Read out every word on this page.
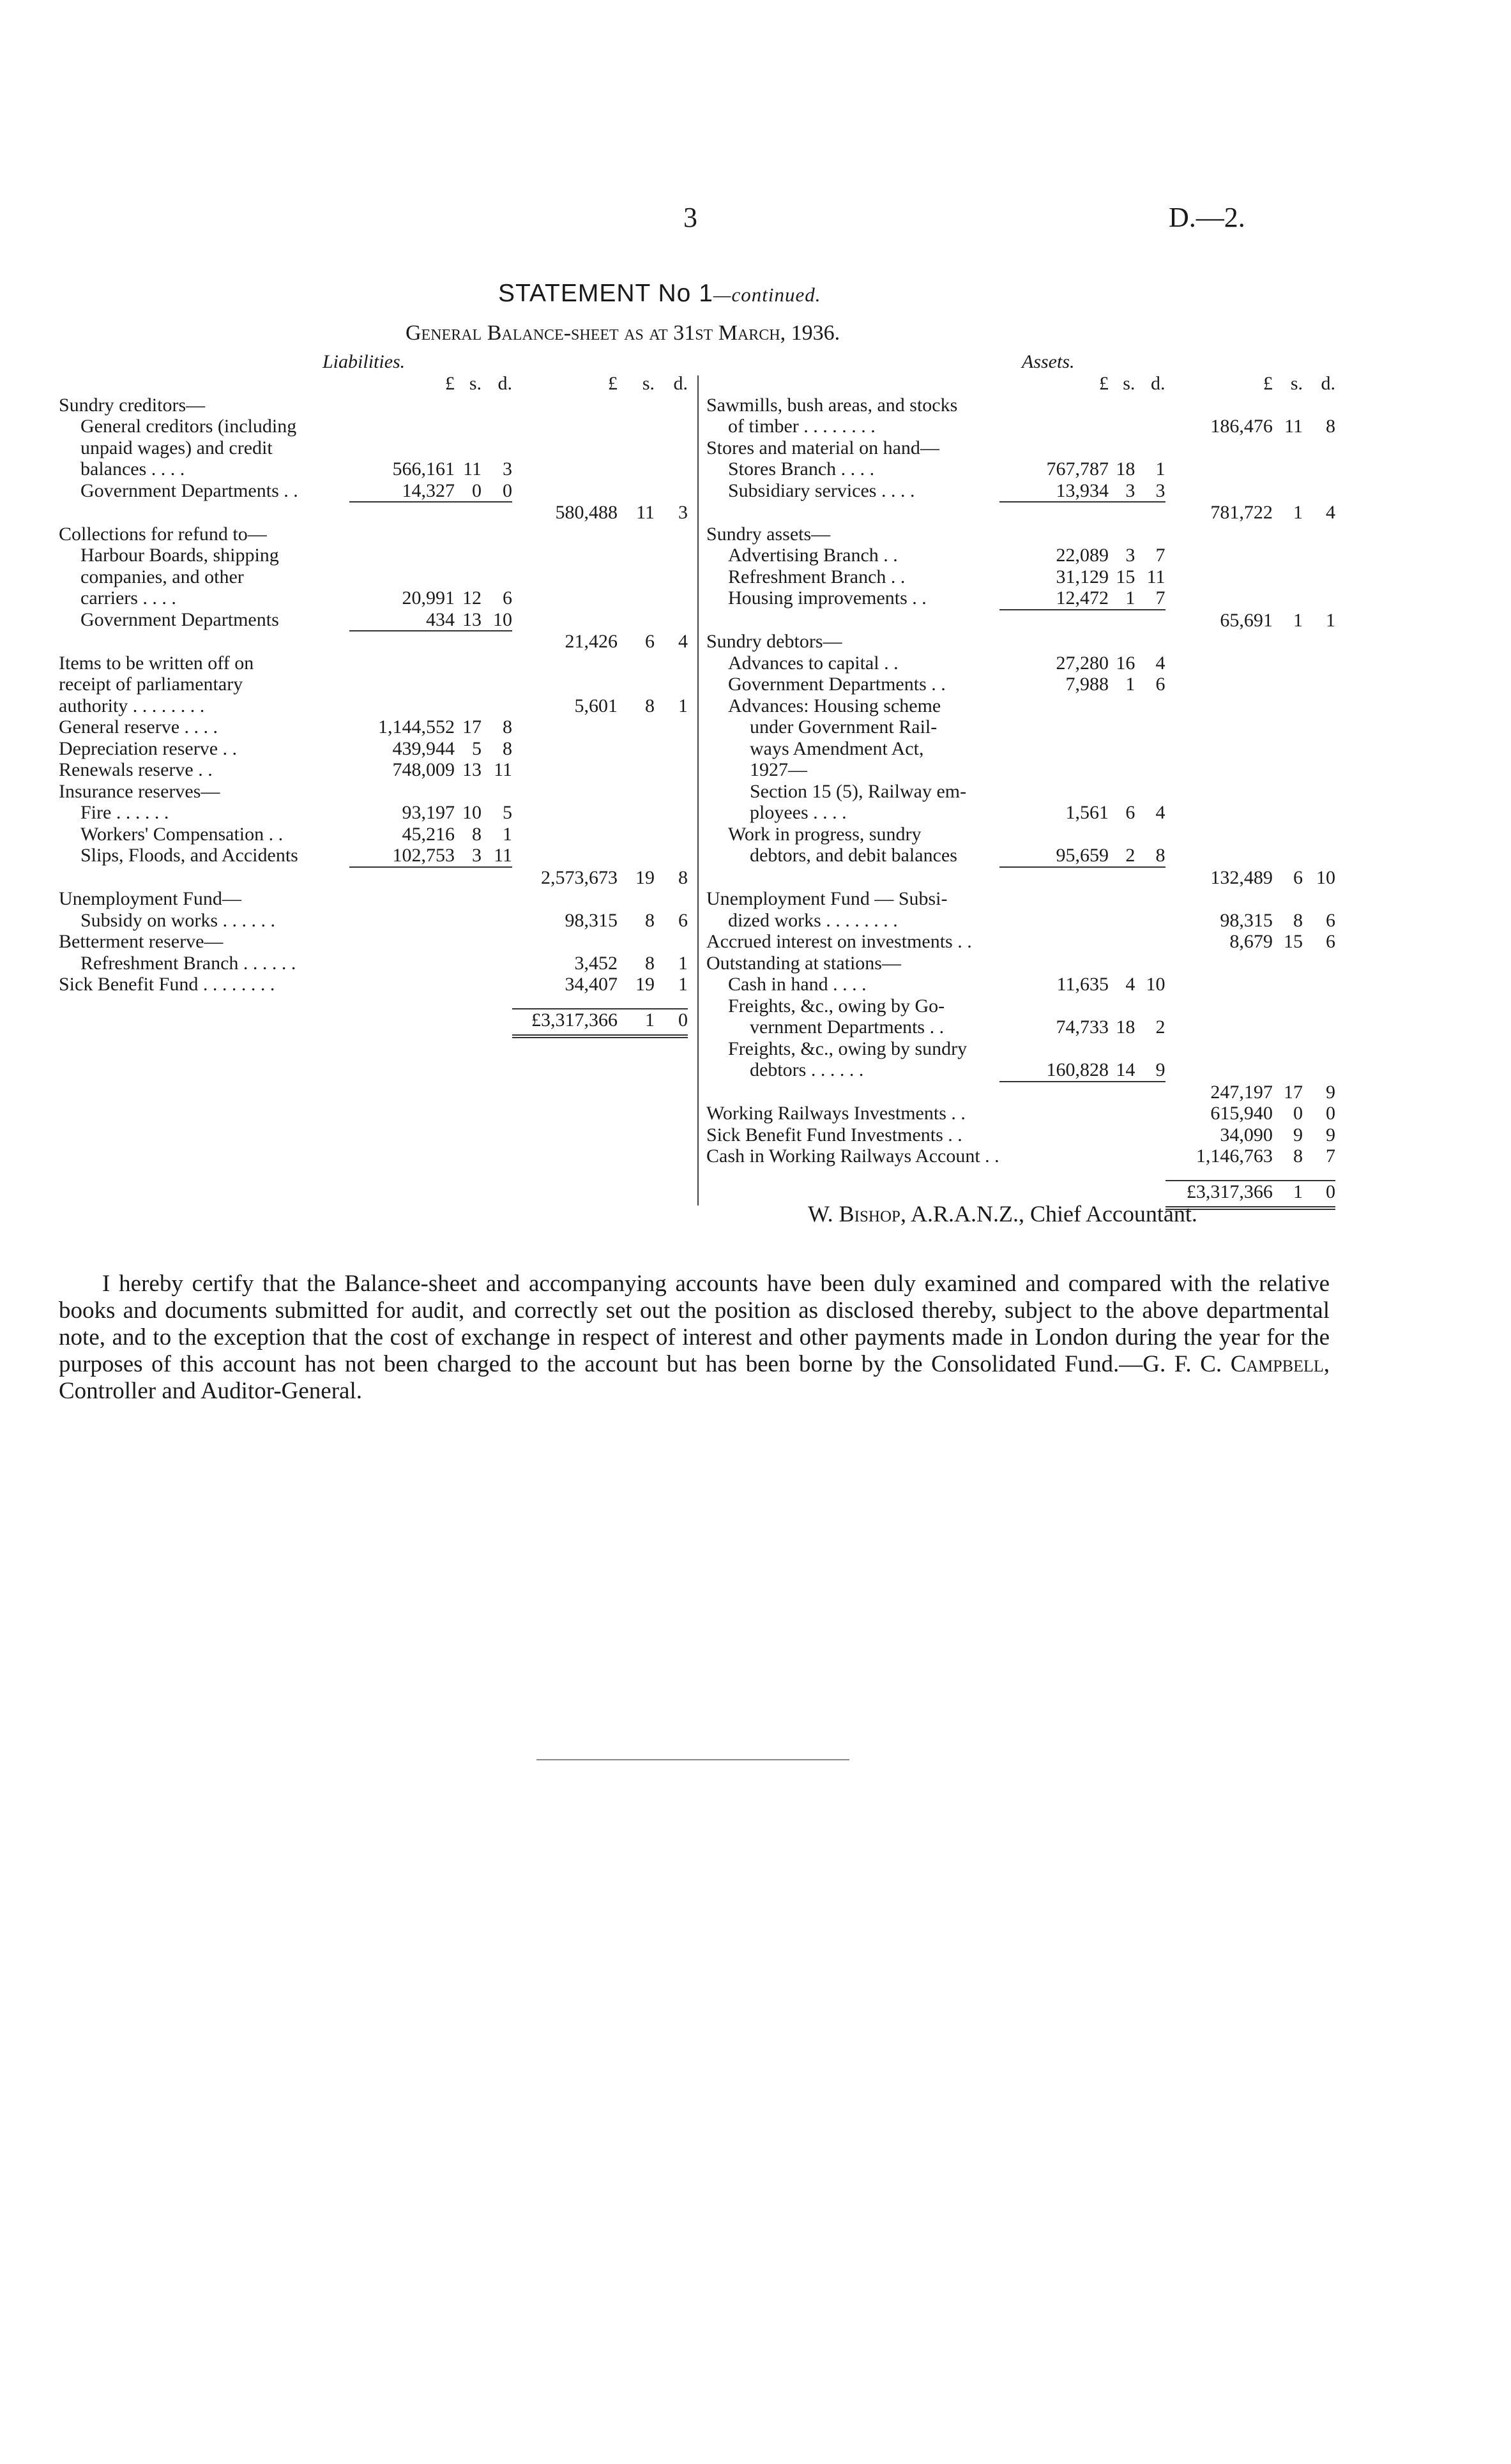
3	D.—2.
STATEMENT No 1—continued.
General Balance-sheet as at 31st March, 1936.
Liabilities.	Assets.
	£	s.	d.	£	s.	d.
Sundry creditors—						
General creditors (including						
unpaid wages) and credit						
balances . . . .	566,161	11	3			
Government Departments . .	14,327	0	0			
				580,488	11	3
Collections for refund to—						
Harbour Boards, shipping						
companies, and other						
carriers . . . .	20,991	12	6			
Government Departments	434	13	10			
				21,426	6	4
Items to be written off on						
receipt of parliamentary						
authority . . . . . . . .				5,601	8	1
General reserve . . . .	1,144,552	17	8			
Depreciation reserve . .	439,944	5	8			
Renewals reserve . .	748,009	13	11			
Insurance reserves—						
Fire . . . . . .	93,197	10	5			
Workers' Compensation . .	45,216	8	1			
Slips, Floods, and Accidents	102,753	3	11			
				2,573,673	19	8

Unemployment Fund—						
Subsidy on works . . . . . .				98,315	8	6
Betterment reserve—						
Refreshment Branch . . . . . .				3,452	8	1
Sick Benefit Fund . . . . . . . .				34,407	19	1

				£3,317,366	1	0
	£	s.	d.	£	s.	d.
Sawmills, bush areas, and stocks						
of timber . . . . . . . .				186,476	11	8
Stores and material on hand—						
Stores Branch . . . .	767,787	18	1			
Subsidiary services . . . .	13,934	3	3			
				781,722	1	4
Sundry assets—						
Advertising Branch . .	22,089	3	7			
Refreshment Branch . .	31,129	15	11			
Housing improvements . .	12,472	1	7			
				65,691	1	1
Sundry debtors—						
Advances to capital . .	27,280	16	4			
Government Departments . .	7,988	1	6			
Advances: Housing scheme						
under Government Rail-						
ways Amendment Act,						
1927—						
Section 15 (5), Railway em-						
ployees . . . .	1,561	6	4			
Work in progress, sundry						
debtors, and debit balances	95,659	2	8			
				132,489	6	10
Unemployment Fund — Subsi-						
dized works . . . . . . . .				98,315	8	6
Accrued interest on investments . .				8,679	15	6
Outstanding at stations—						
Cash in hand . . . .	11,635	4	10			
Freights, &c., owing by Go-						
vernment Departments . .	74,733	18	2			
Freights, &c., owing by sundry						
debtors . . . . . .	160,828	14	9			
				247,197	17	9
Working Railways Investments . .				615,940	0	0
Sick Benefit Fund Investments . .				34,090	9	9
Cash in Working Railways Account . .				1,146,763	8	7

				£3,317,366	1	0
W. Bishop, A.R.A.N.Z., Chief Accountant.
I hereby certify that the Balance-sheet and accompanying accounts have been duly examined and compared with the relative books and documents submitted for audit, and correctly set out the position as disclosed thereby, subject to the above departmental note, and to the exception that the cost of exchange in respect of interest and other payments made in London during the year for the purposes of this account has not been charged to the account but has been borne by the Consolidated Fund.—G. F. C. Campbell, Controller and Auditor-General.
